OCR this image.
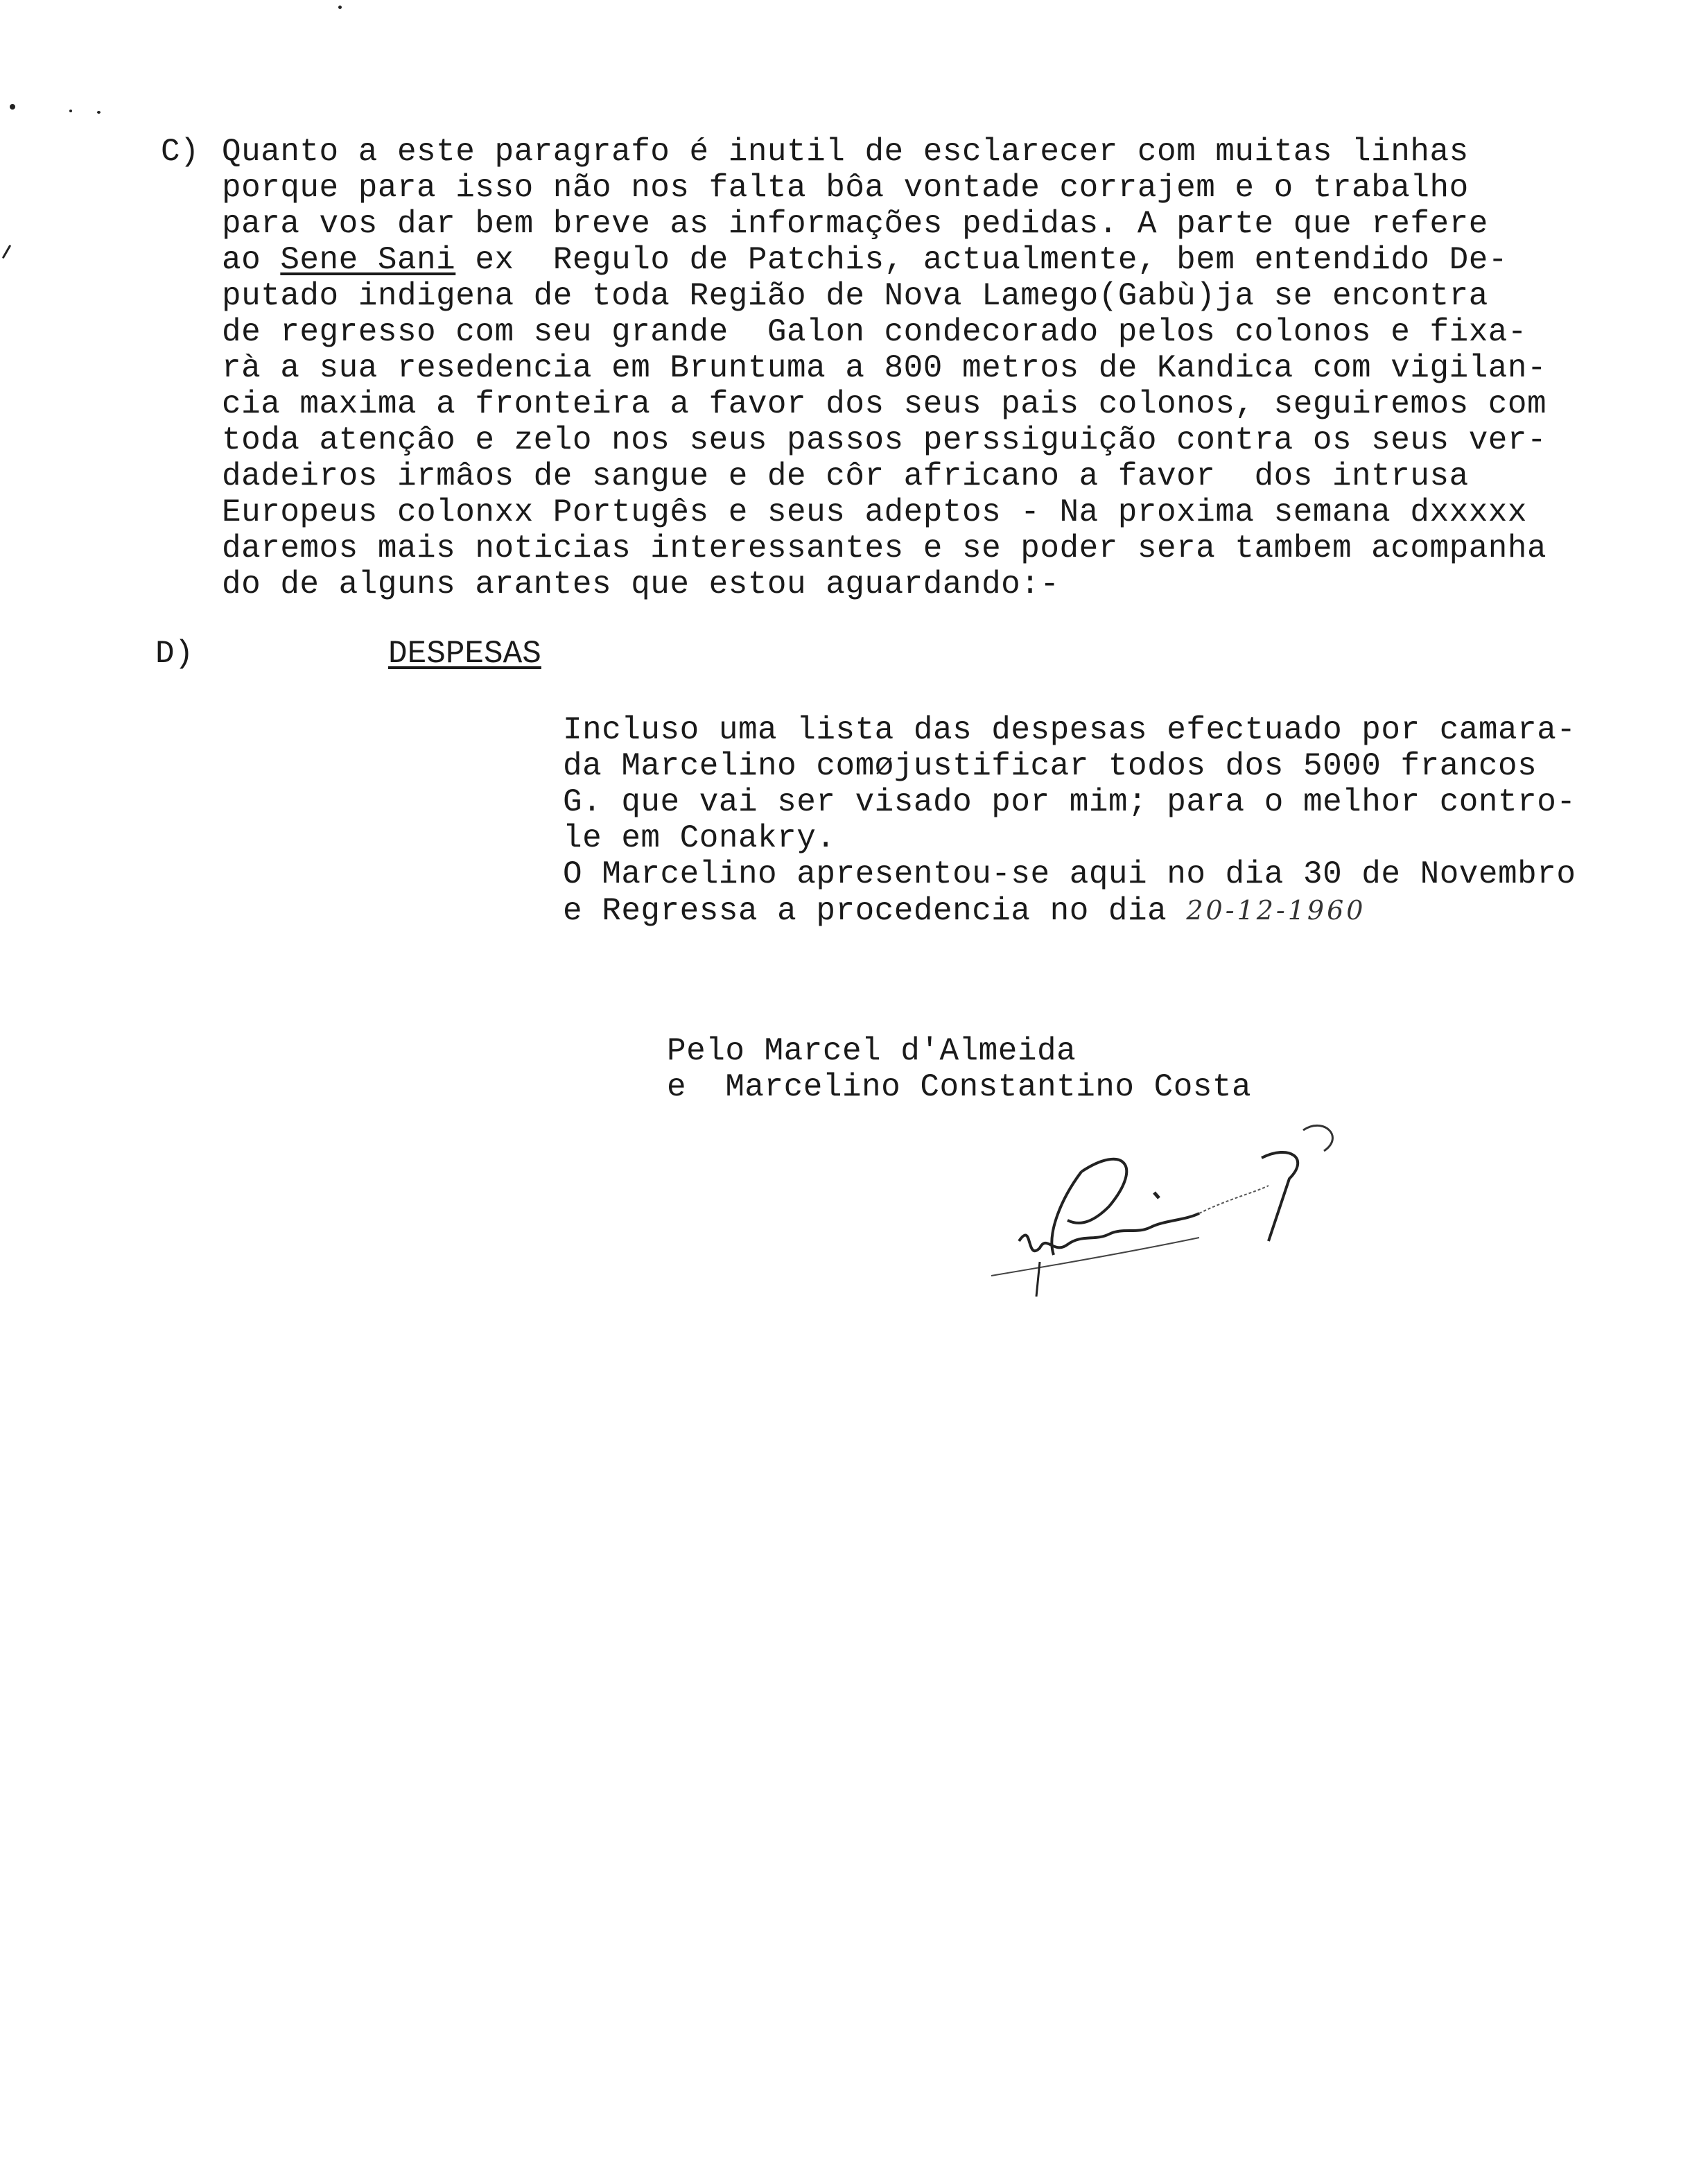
C) Quanto a este paragrafo é inutil de esclarecer com muitas linhas
porque para isso não nos falta bôa vontade corrajem e o trabalho
para vos dar bem breve as informações pedidas. A parte que refere
ao Sene Sani ex  Regulo de Patchis, actualmente, bem entendido De-
putado indigena de toda Região de Nova Lamego(Gabù)ja se encontra
de regresso com seu grande  Galon condecorado pelos colonos e fixa-
rà a sua resedencia em Bruntuma a 800 metros de Kandica com vigilan-
cia maxima a fronteira a favor dos seus pais colonos, seguiremos com
toda atençâo e zelo nos seus passos perssiguição contra os seus ver-
dadeiros irmâos de sangue e de côr africano a favor  dos intrusa
Europeus colonxx Portugês e seus adeptos - Na proxima semana dxxxxx
daremos mais noticias interessantes e se poder sera tambem acompanha
do de alguns arantes que estou aguardando:-
D)	DESPESAS
Incluso uma lista das despesas efectuado por camara-
da Marcelino comøjustificar todos dos 5000 francos
G. que vai ser visado por mim; para o melhor contro-
le em Conakry.
O Marcelino apresentou-se aqui no dia 30 de Novembro
e Regressa a procedencia no dia 20-12-1960
Pelo Marcel d'Almeida
e  Marcelino Constantino Costa
